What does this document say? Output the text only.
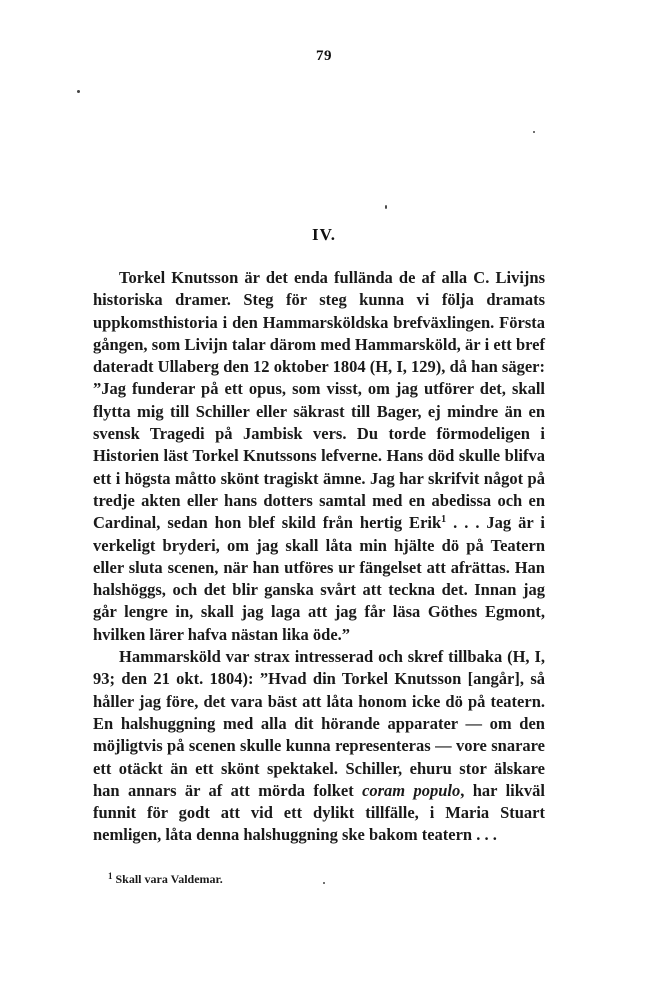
79
IV.

Torkel Knutsson är det enda fullända de af alla C. Livijns historiska dramer. Steg för steg kunna vi följa dramats uppkomsthistoria i den Hammarsköldska brefväxlingen. Första gången, som Livijn talar därom med Hammarsköld, är i ett bref dateradt Ullaberg den 12 oktober 1804 (H, I, 129), då han säger: ”Jag funderar på ett opus, som visst, om jag utförer det, skall flytta mig till Schiller eller säkrast till Bager, ej mindre än en svensk Tragedi på Jambisk vers. Du torde förmodeligen i Historien läst Torkel Knutssons lefverne. Hans död skulle blifva ett i högsta måtto skönt tragiskt ämne. Jag har skrifvit något på tredje akten eller hans dotters samtal med en abedissa och en Cardinal, sedan hon blef skild från hertig Erik$^1$ . . . Jag är i verkeligt bryderi, om jag skall låta min hjälte dö på Teatern eller sluta scenen, när han utföres ur fängelset att afrättas. Han halshöggs, och det blir ganska svårt att teckna det. Innan jag går lengre in, skall jag laga att jag får läsa Göthes Egmont, hvilken lärer hafva nästan lika öde.”

Hammarsköld var strax intresserad och skref tillbaka (H, I, 93; den 21 okt. 1804): ”Hvad din Torkel Knutsson [angår], så håller jag före, det vara bäst att låta honom icke dö på teatern. En halshuggning med alla dit hörande apparater — om den möjligtvis på scenen skulle kunna representeras — vore snarare ett otäckt än ett skönt spektakel. Schiller, ehuru stor älskare han annars är af att mörda folket coram populo, har likväl funnit för godt att vid ett dylikt tillfälle, i Maria Stuart nemligen, låta denna halshuggning ske bakom teatern . . .

$^1$ Skall vara Valdemar.
